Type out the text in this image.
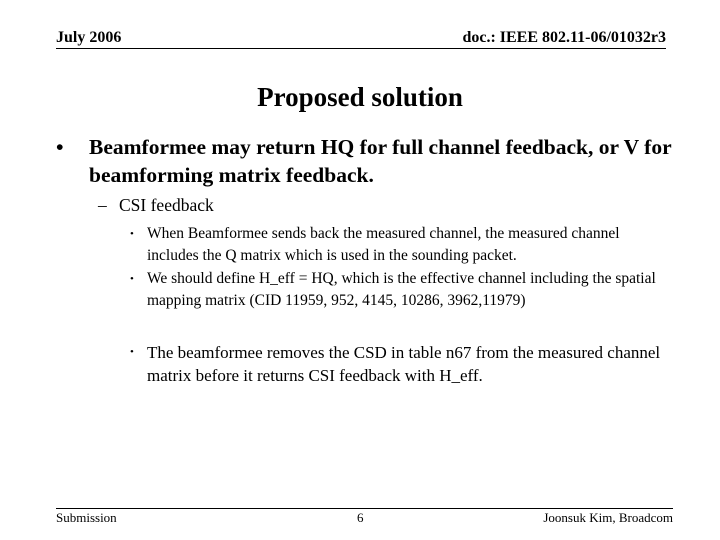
July 2006	doc.: IEEE 802.11-06/01032r3
Proposed solution
• Beamformee may return HQ for full channel feedback, or V for beamforming matrix feedback.
– CSI feedback
• When Beamformee sends back the measured channel, the measured channel includes the Q matrix which is used in the sounding packet.
• We should define H_eff = HQ, which is the effective channel including the spatial mapping matrix (CID 11959, 952, 4145, 10286, 3962,11979)
• The beamformee removes the CSD in table n67 from the measured channel matrix before it returns CSI feedback with H_eff.
Submission	6	Joonsuk Kim, Broadcom
